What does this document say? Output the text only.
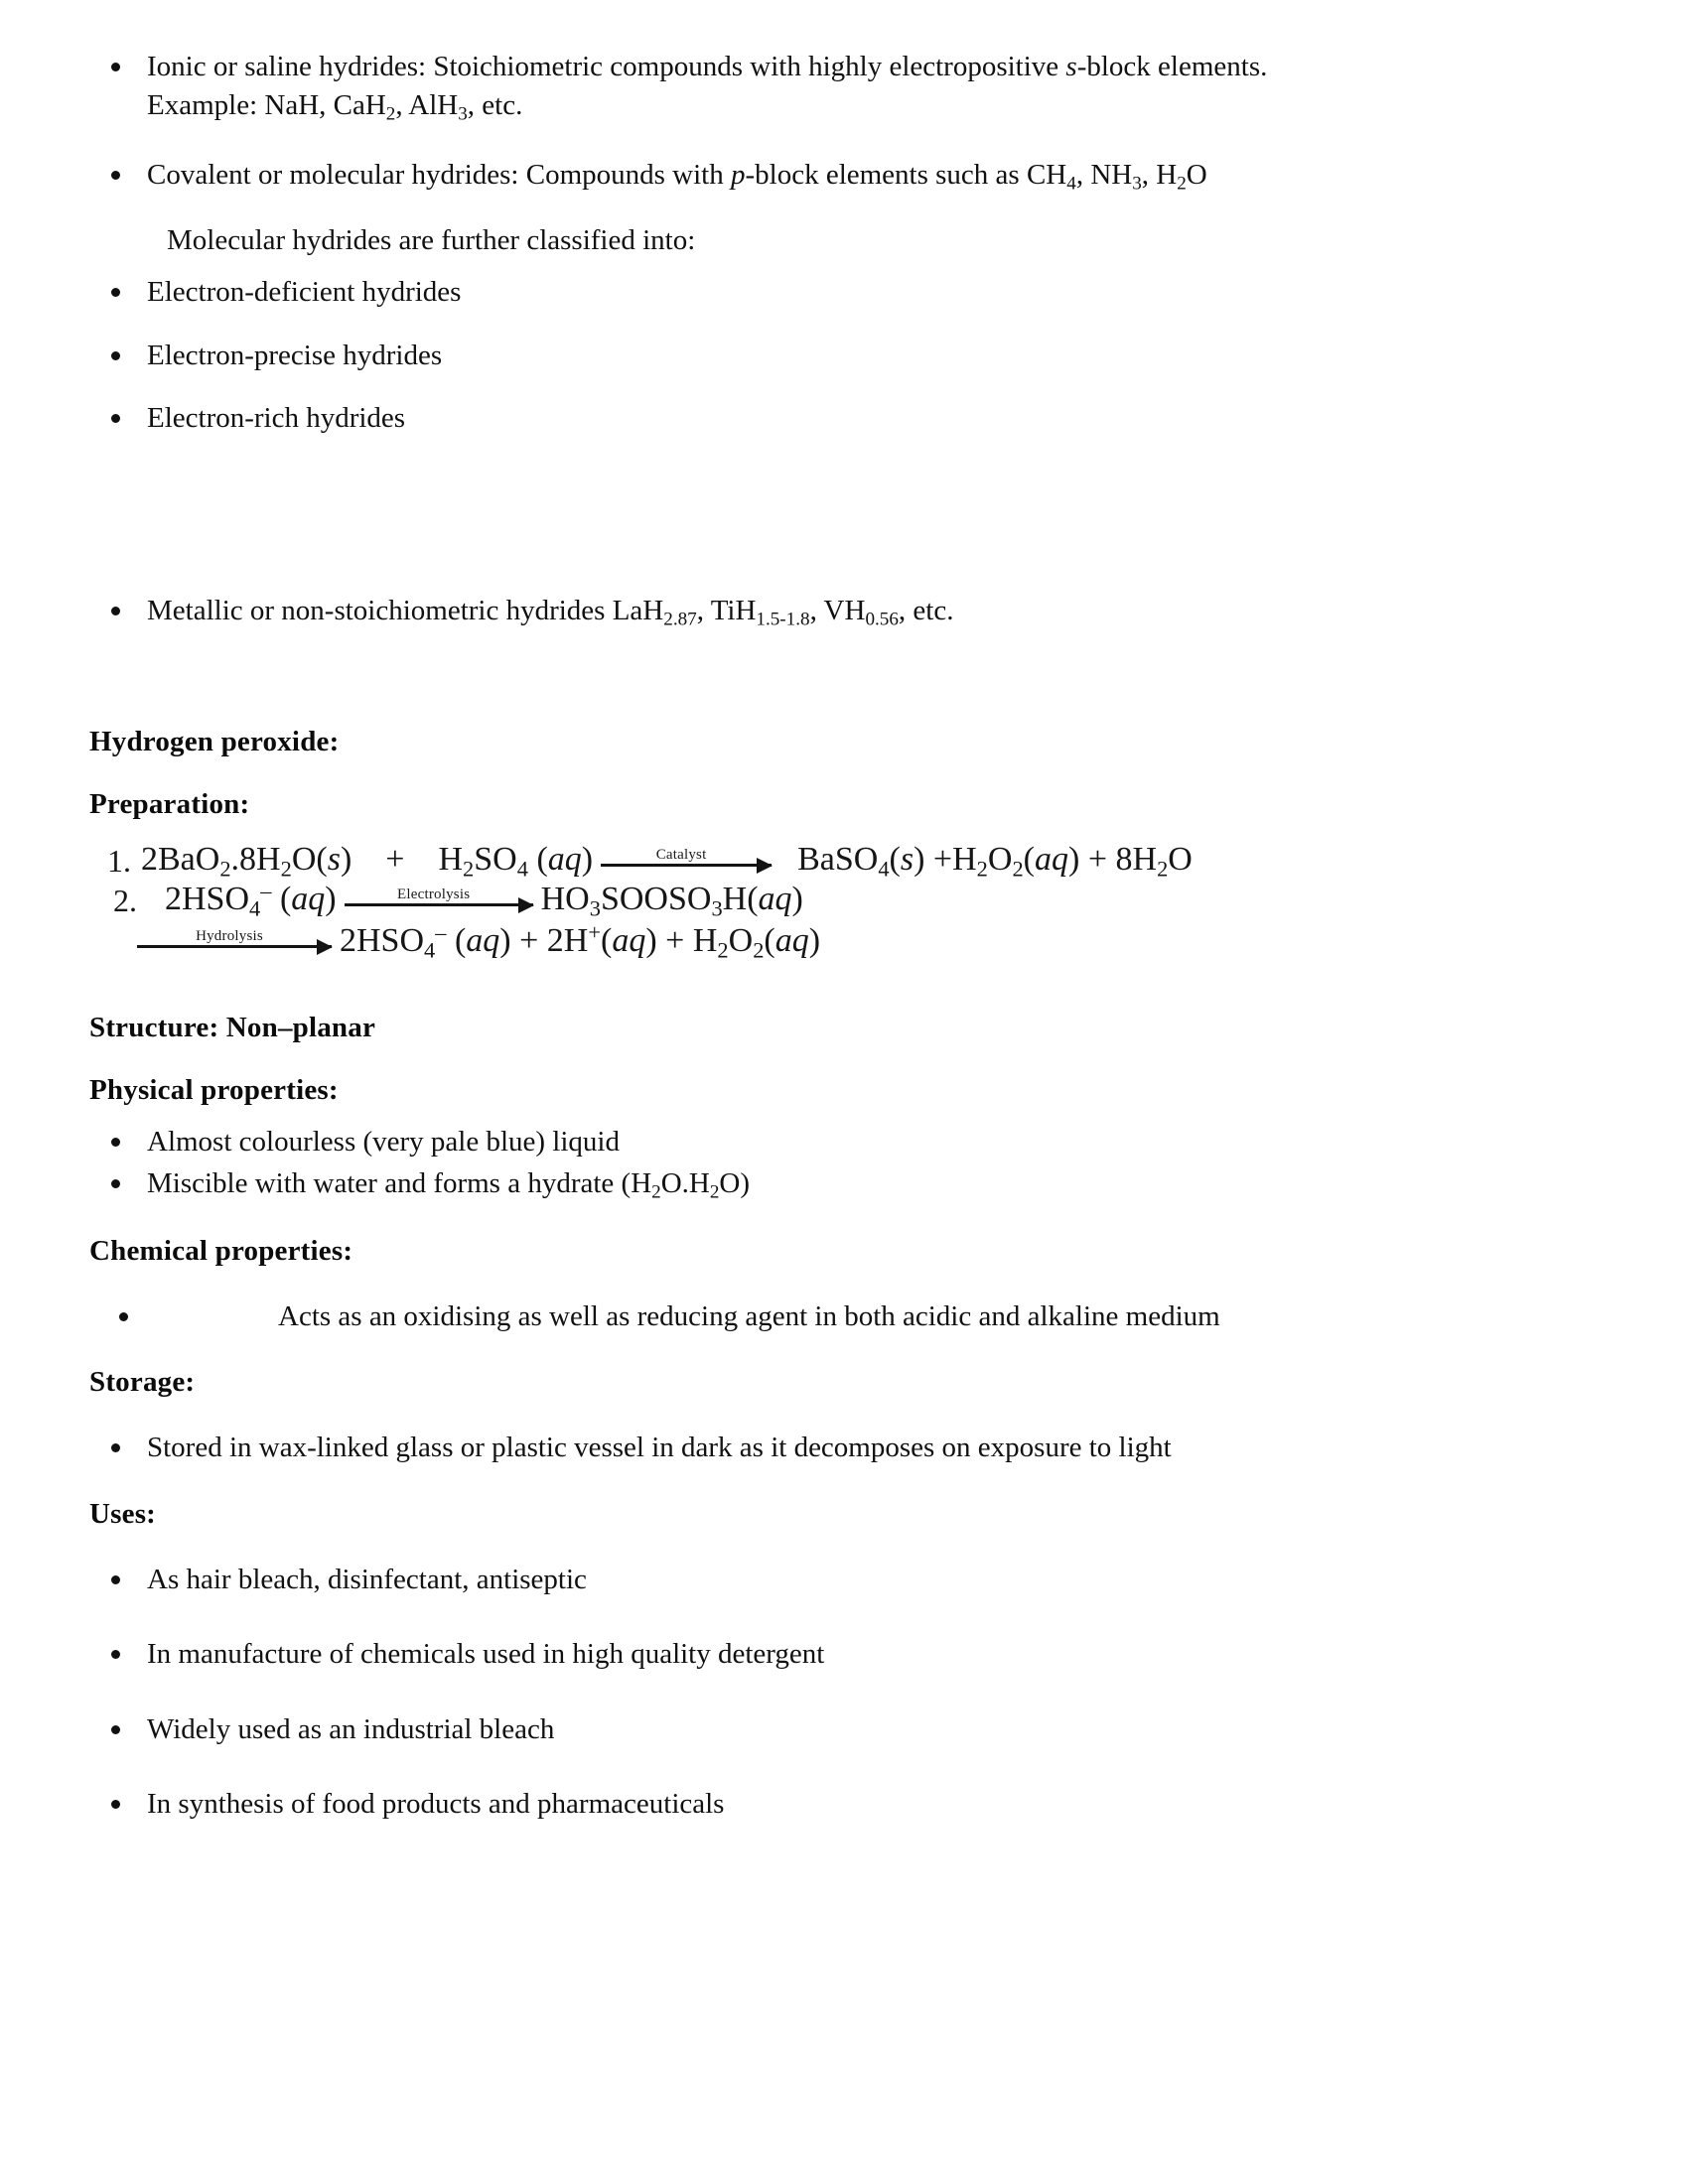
Ionic or saline hydrides: Stoichiometric compounds with highly electropositive s-block elements.
Example: NaH, CaH$_2$, AlH$_3$, etc.
Covalent or molecular hydrides: Compounds with p-block elements such as $CH_4$, $NH_3$, $H_2O$
Molecular hydrides are further classified into:
Electron-deficient hydrides
Electron-precise hydrides
Electron-rich hydrides
Metallic or non-stoichiometric hydrides LaH$_{2.87}$, TiH$_{1.5-1.8}$, $VH_{0.56}$, etc.
Hydrogen peroxide:
Preparation:
1. $2BaO_2.8H_2O(s) + H_2SO_4$ (aq)	Catalyst	BaSO$_4$(s) $+H_2O_2(aq) + 8H_2O$
2. $2HSO_4^-$ (aq)	Electrolysis	$HO_3SOOSO_3H(aq)$
Hydrolysis	$2HSO_4^-$ $(aq) + 2H^+(aq) + H_2O_2(aq)$
Structure: Non–planar
Physical properties:
Almost colourless (very pale blue) liquid
Miscible with water and forms a hydrate $(H_2O.H_2O)$
Chemical properties:
Acts as an oxidising as well as reducing agent in both acidic and alkaline medium
Storage:
Stored in wax-linked glass or plastic vessel in dark as it decomposes on exposure to light
Uses:
As hair bleach, disinfectant, antiseptic
In manufacture of chemicals used in high quality detergent
Widely used as an industrial bleach
In synthesis of food products and pharmaceuticals
